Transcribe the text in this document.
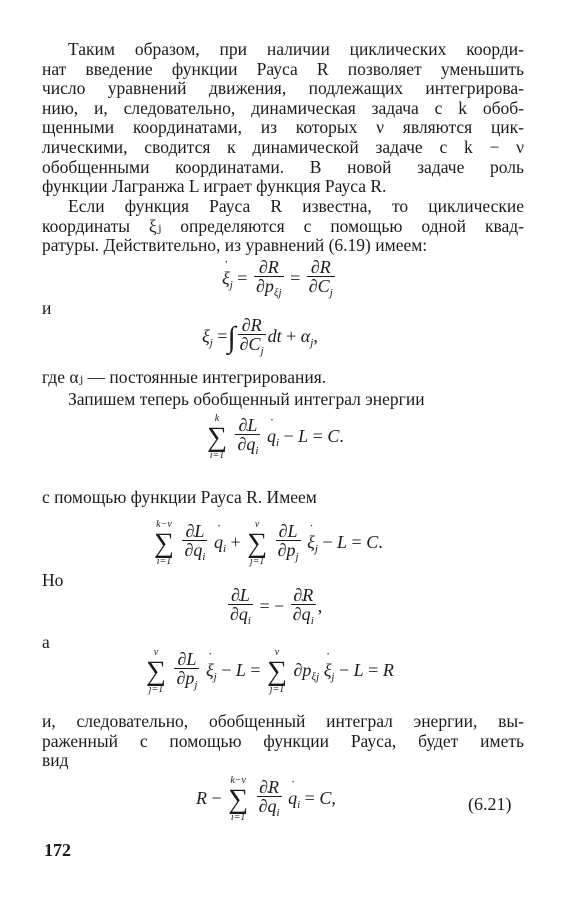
Таким образом, при наличии циклических коорди-
нат введение функции Рауса R позволяет уменьшить
число уравнений движения, подлежащих интегрирова-
нию, и, следовательно, динамическая задача с k обоб-
щенными координатами, из которых ν являются цик-
лическими, сводится к динамической задаче с k − ν
обобщенными координатами. В новой задаче роль
функции Лагранжа L играет функция Рауса R.
Если функция Рауса R известна, то циклические
координаты ξⱼ определяются с помощью одной квад-
ратуры. Действительно, из уравнений (6.19) имеем:
˙ $\xi_j = \frac{\partial R}{\partial p_{\xi j}} = \frac{\partial R}{\partial C_j}$
и
$\xi_j$ =∫ $\frac{\partial R}{\partial C_j}$ dt + $\alpha_j$,
где αⱼ — постоянные интегрирования.
Запишем теперь обобщенный интеграл энергии
k
∑
i=1
∂L
˙ $\partial q_i$ ˙ $q_i - L = C$.
с помощью функции Рауса R. Имеем
k−ν
∑
i=1
∂L
˙ $\partial q_i$ ˙ $q_i$ +
ν
∑
j=1
$\frac{\partial L}{\partial p_j}$ ˙ $\xi_j - L = C$.
Но
∂L
˙ $\partial q_i$ = − ∂R
˙ $\partial q_i$ ,
а
ν
∑
j=1
$\frac{\partial L}{\partial p_j}$ ˙ $\xi_j - L$ =
ν
∑
j=1
$\partial p_{\xi j}$ ˙ $\xi_j - L = R$
и, следовательно, обобщенный интеграл энергии, вы-
раженный с помощью функции Рауса, будет иметь
вид
R −
k−ν
∑
i=1
∂R
˙ $\partial q_i$ ˙ $q_i = C$,	(6.21)
172
